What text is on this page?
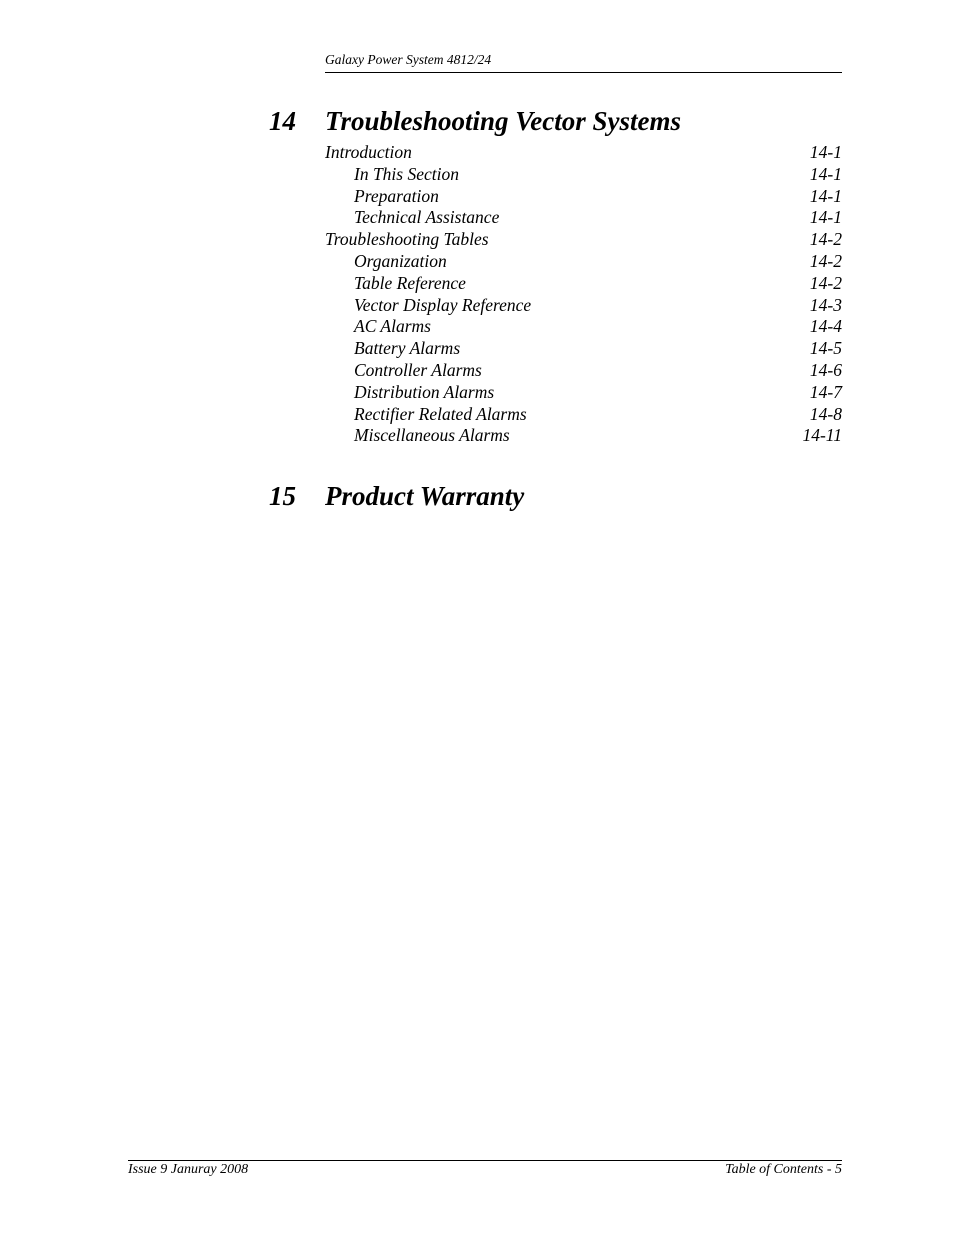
Galaxy Power System 4812/24
14 Troubleshooting Vector Systems
Introduction	14-1
In This Section	14-1
Preparation	14-1
Technical Assistance	14-1
Troubleshooting Tables	14-2
Organization	14-2
Table Reference	14-2
Vector Display Reference	14-3
AC Alarms	14-4
Battery Alarms	14-5
Controller Alarms	14-6
Distribution Alarms	14-7
Rectifier Related Alarms	14-8
Miscellaneous Alarms	14-11
15 Product Warranty
Issue 9 Januray 2008	Table of Contents - 5
